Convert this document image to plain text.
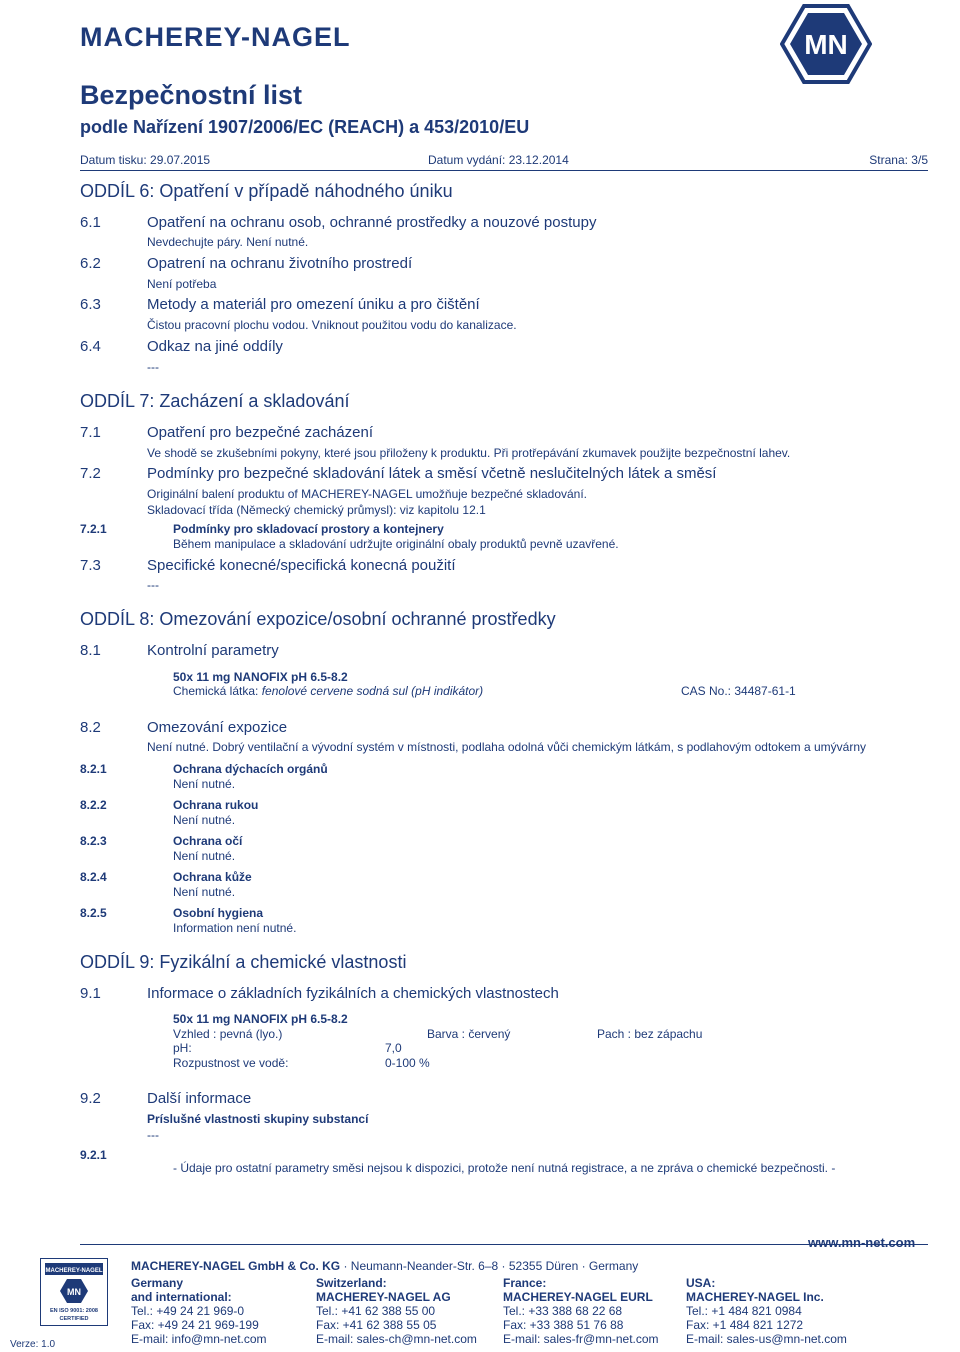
MACHEREY-NAGEL	MN
Bezpečnostní list
podle Nařízení 1907/2006/EC (REACH) a 453/2010/EU
Datum tisku: 29.07.2015	Datum vydání: 23.12.2014	Strana: 3/5
ODDÍL 6: Opatření v případě náhodného úniku
6.1	Opatření na ochranu osob, ochranné prostředky a nouzové postupy
Nevdechujte páry. Není nutné.
6.2	Opatrení na ochranu životního prostredí
Není potřeba
6.3	Metody a materiál pro omezení úniku a pro čištění
Čistou pracovní plochu vodou. Vniknout použitou vodu do kanalizace.
6.4	Odkaz na jiné oddíly
---
ODDÍL 7: Zacházení a skladování
7.1	Opatření pro bezpečné zacházení
Ve shodě se zkušebními pokyny, které jsou přiloženy k produktu. Při protřepávání zkumavek použijte bezpečnostní lahev.
7.2	Podmínky pro bezpečné skladování látek a směsí včetně neslučitelných látek a směsí
Originální balení produktu of MACHEREY-NAGEL umožňuje bezpečné skladování.
Skladovací třída (Německý chemický průmysl): viz kapitolu 12.1
7.2.1	Podmínky pro skladovací prostory a kontejnery
Během manipulace a skladování udržujte originální obaly produktů pevně uzavřené.
7.3	Specifické konecné/specifická konecná použití
---
ODDÍL 8: Omezování expozice/osobní ochranné prostředky
8.1	Kontrolní parametry
50x 11 mg NANOFIX pH 6.5-8.2
Chemická látka: fenolové cervene sodná sul (pH indikátor)	CAS No.: 34487-61-1
8.2	Omezování expozice
Není nutné. Dobrý ventilační a vývodní systém v místnosti, podlaha odolná vůči chemickým látkám, s podlahovým odtokem a umývárny
8.2.1	Ochrana dýchacích orgánů
Není nutné.
8.2.2	Ochrana rukou
Není nutné.
8.2.3	Ochrana očí
Není nutné.
8.2.4	Ochrana kůže
Není nutné.
8.2.5	Osobní hygiena
Information není nutné.
ODDÍL 9: Fyzikální a chemické vlastnosti
9.1	Informace o základních fyzikálních a chemických vlastnostech
50x 11 mg NANOFIX pH 6.5-8.2
Vzhled : pevná (lyo.)	Barva : červený	Pach : bez zápachu
pH:	7,0
Rozpustnost ve vodě:	0-100 %
9.2	Další informace
Príslušné vlastnosti skupiny substancí
---
9.2.1
- Údaje pro ostatní parametry směsi nejsou k dispozici, protože není nutná registrace, a ne zpráva o chemické bezpečnosti. -
MACHEREY-NAGEL
MN
EN ISO 9001: 2008
CERTIFIED
Verze: 1.0
MACHEREY-NAGEL GmbH & Co. KG · Neumann-Neander-Str. 6–8 · 52355 Düren · Germany
www.mn-net.com
Germany
and international:
Tel.: +49 24 21 969-0
Fax: +49 24 21 969-199
E-mail: info@mn-net.com
Switzerland:
MACHEREY-NAGEL AG
Tel.: +41 62 388 55 00
Fax: +41 62 388 55 05
E-mail: sales-ch@mn-net.com
France:
MACHEREY-NAGEL EURL
Tel.: +33 388 68 22 68
Fax: +33 388 51 76 88
E-mail: sales-fr@mn-net.com
USA:
MACHEREY-NAGEL Inc.
Tel.: +1 484 821 0984
Fax: +1 484 821 1272
E-mail: sales-us@mn-net.com
